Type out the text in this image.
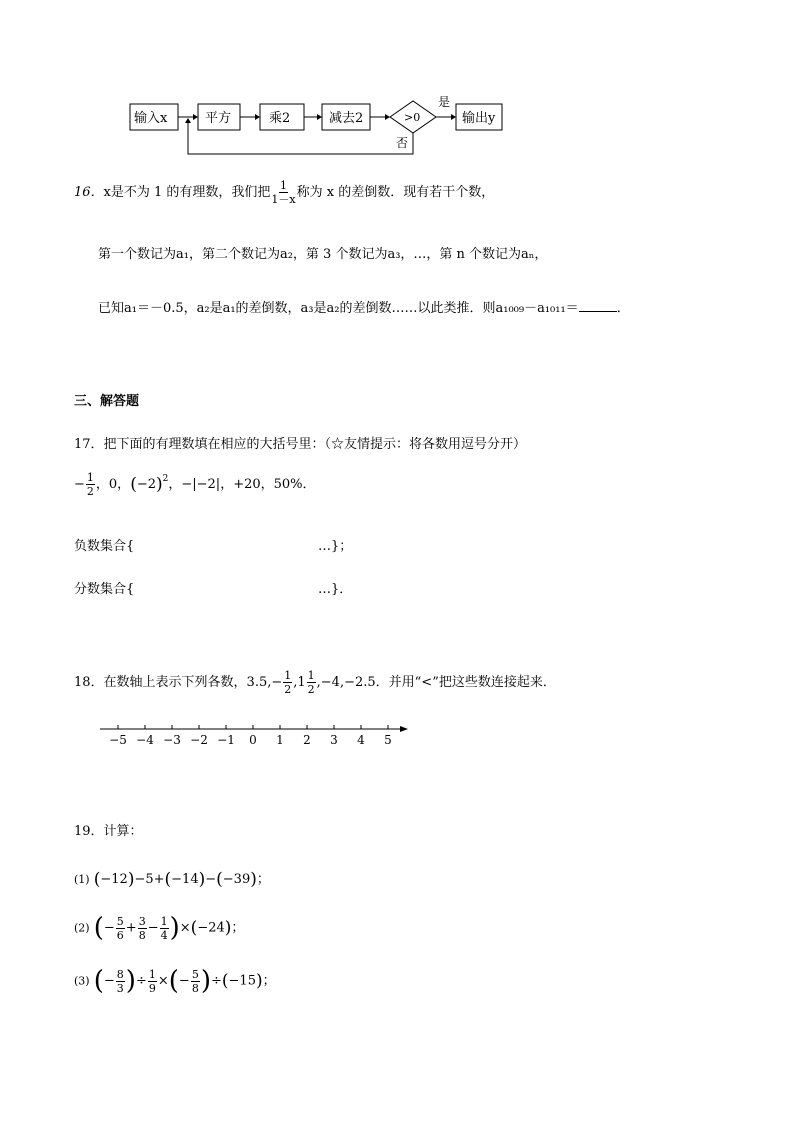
输入x	平方	乘2	减去2	>0	输出y
是
否
16．x是不为 1 的有理数，我们把 $\frac{1}{1-x}$ 称为 x 的差倒数．现有若干个数，
第一个数记为a₁，第二个数记为a₂，第 3 个数记为a₃，…，第 n 个数记为aₙ，
已知a₁＝－0.5，a₂是a₁的差倒数，a₃是a₂的差倒数……以此类推．则a₁₀₀₉－a₁₀₁₁＝	．
三、解答题
17．把下面的有理数填在相应的大括号里：（☆友情提示：将各数用逗号分开）
− $\frac{1}{2}$ ，0，$(-2)^2$，−|−2|，+20，50%．
负数集合{	…}；
分数集合{	…}．
18．在数轴上表示下列各数，$3.5,- \frac{1}{2} ,1 \frac{1}{2} ,-4,-2.5$．并用“<”把这些数连接起来．
−5 −4 −3 −2 −1 0 1 2 3 4 5
19．计算：
(1) (−12)−5+(−14)−(−39)；
(2) (− $\frac{5}{6} + \frac{3}{8} - \frac{1}{4} )\times(-24)$；
(3) (− $\frac{8}{3}$ )÷ $\frac{1}{9}$ ×(− $\frac{5}{8} )\div(-15)$；
